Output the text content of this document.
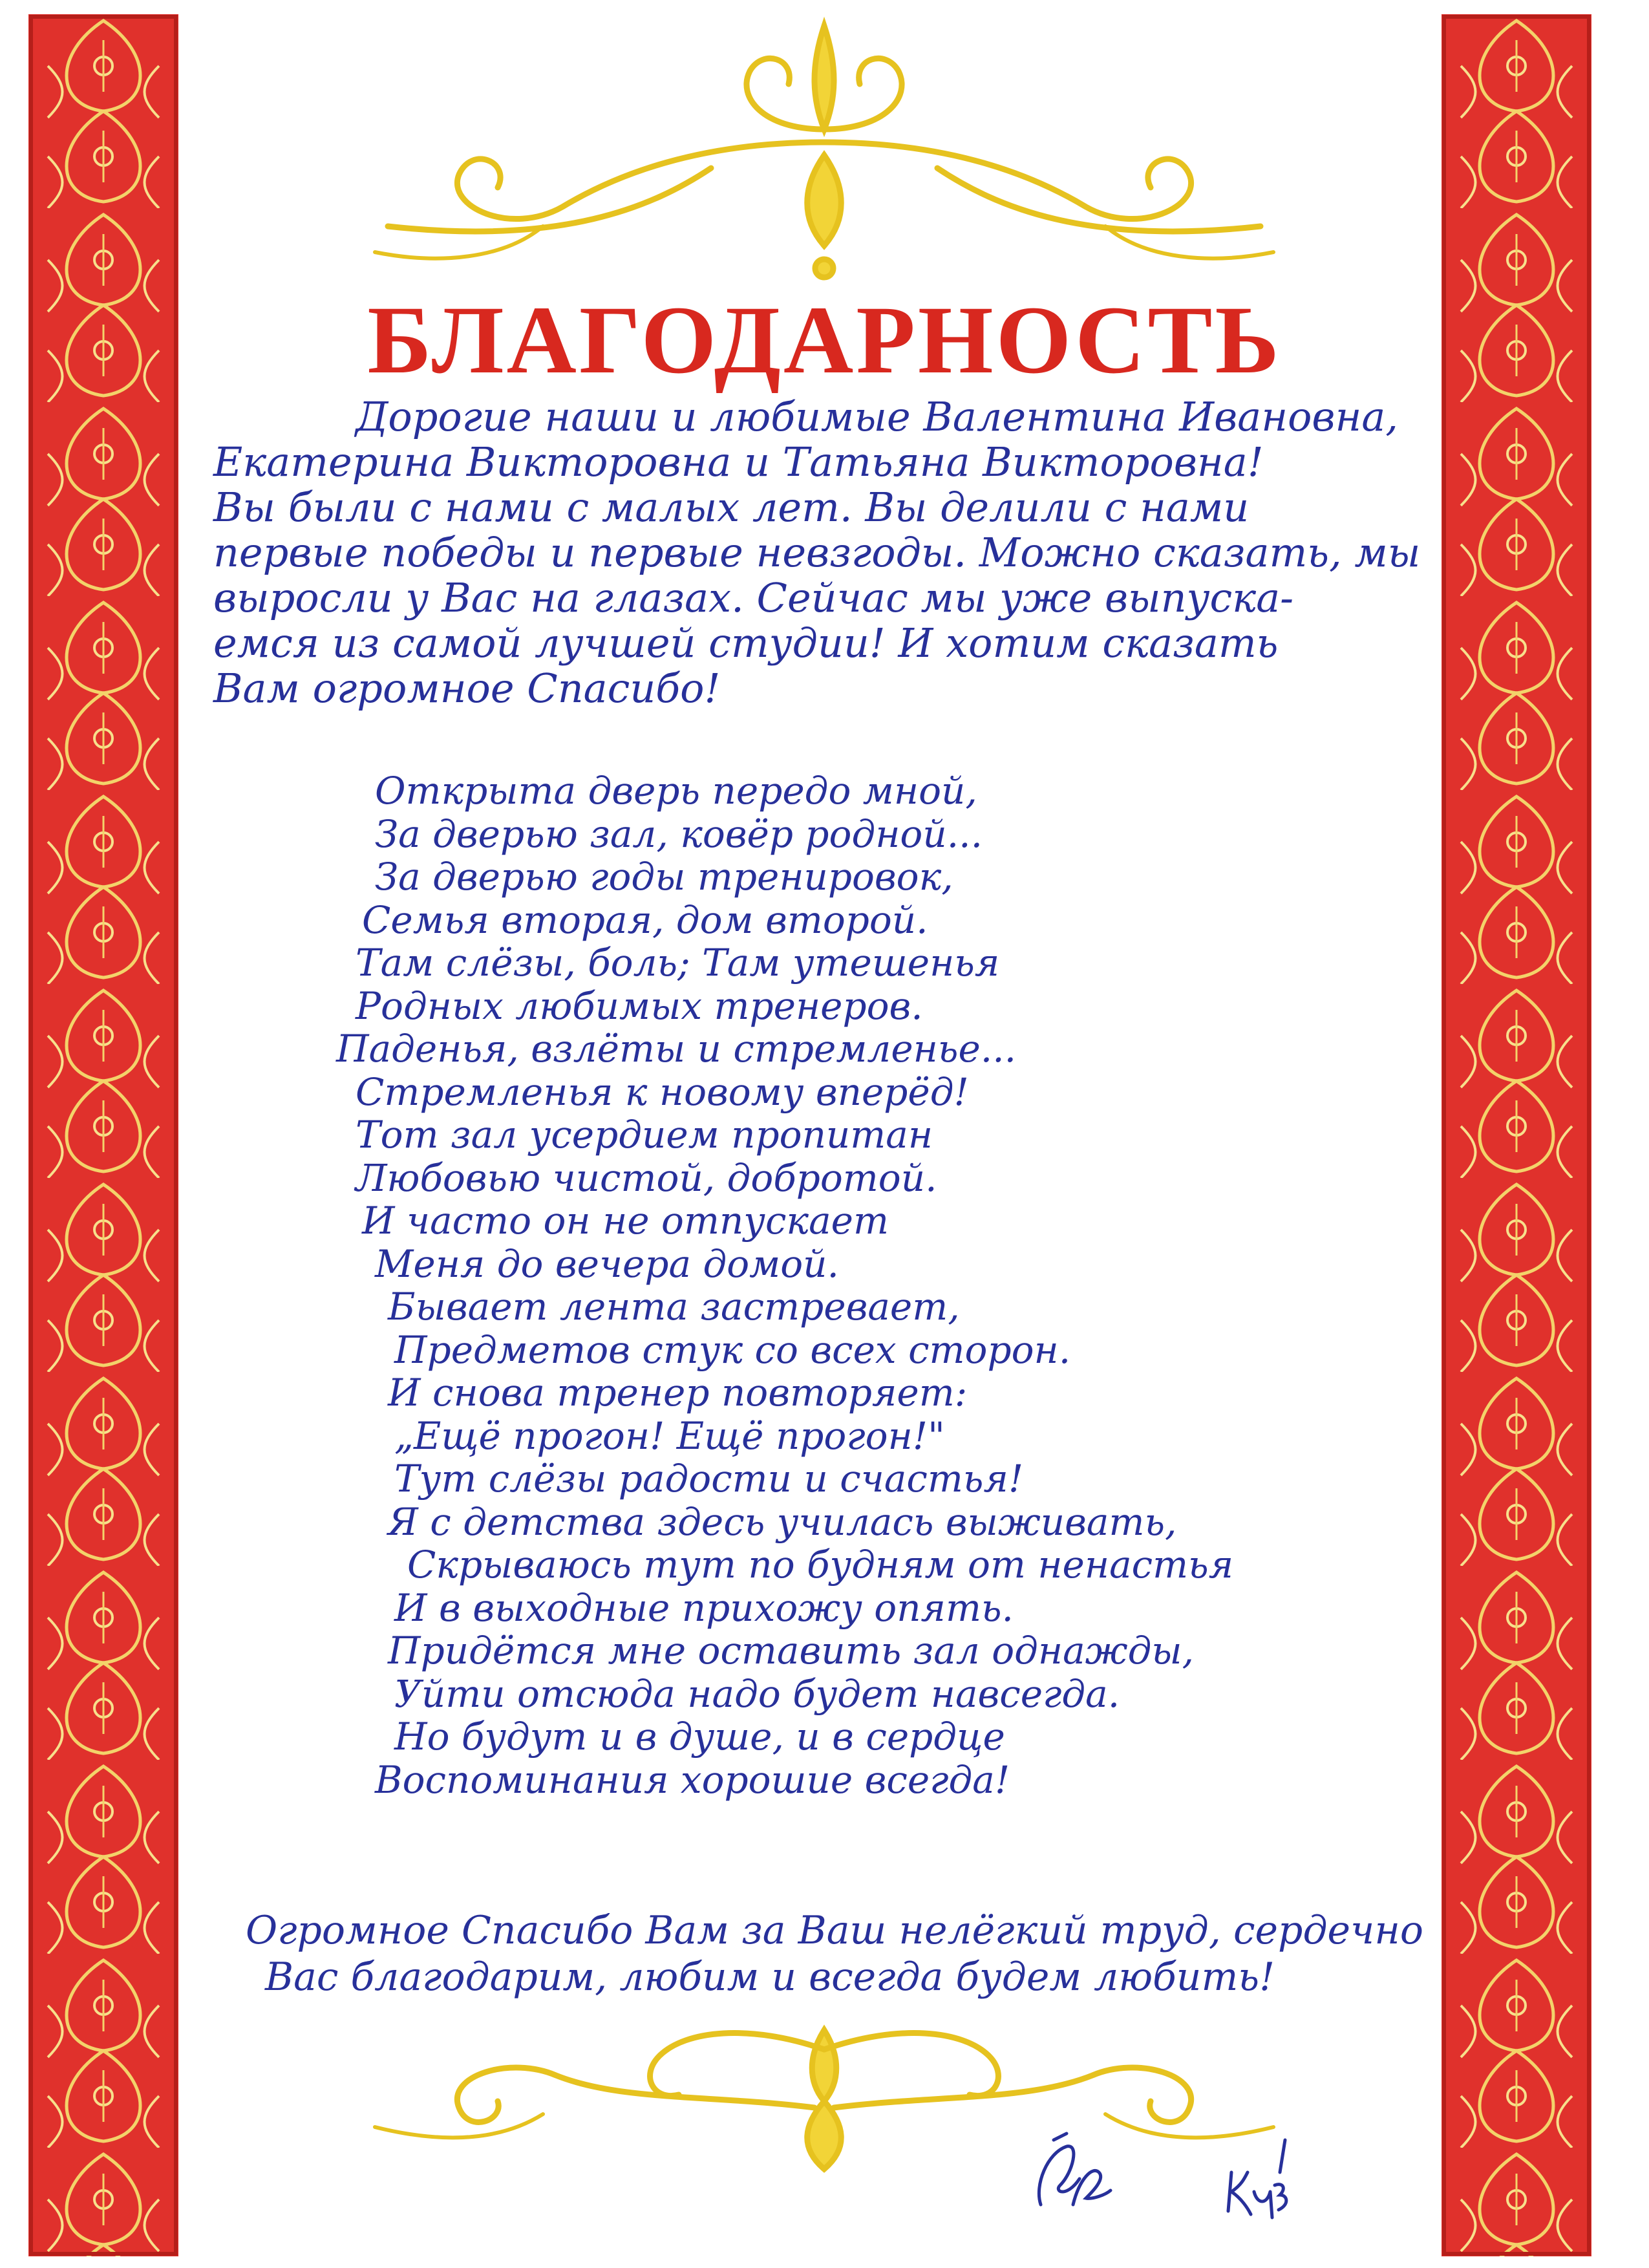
БЛАГОДАРНОСТЬ
Дорогие наши и любимые Валентина Ивановна,
Екатерина Викторовна и Татьяна Викторовна!
Вы были с нами с малых лет. Вы делили с нами
первые победы и первые невзгоды. Можно сказать, мы
выросли у Вас на глазах. Сейчас мы уже выпуска-
емся из самой лучшей студии! И хотим сказать
Вам огромное Спасибо!
Открыта дверь передо мной,
За дверью зал, ковёр родной...
За дверью годы тренировок,
Семья вторая, дом второй.
Там слёзы, боль; Там утешенья
Родных любимых тренеров.
Паденья, взлёты и стремленье...
Стремленья к новому вперёд!
Тот зал усердием пропитан
Любовью чистой, добротой.
И часто он не отпускает
Меня до вечера домой.
Бывает лента застревает,
Предметов стук со всех сторон.
И снова тренер повторяет:
„Ещё прогон! Ещё прогон!"
Тут слёзы радости и счастья!
Я с детства здесь училась выживать,
Скрываюсь тут по будням от ненастья
И в выходные прихожу опять.
Придётся мне оставить зал однажды,
Уйти отсюда надо будет навсегда.
Но будут и в душе, и в сердце
Воспоминания хорошие всегда!
Огромное Спасибо Вам за Ваш нелёгкий труд, сердечно
Вас благодарим, любим и всегда будем любить!
